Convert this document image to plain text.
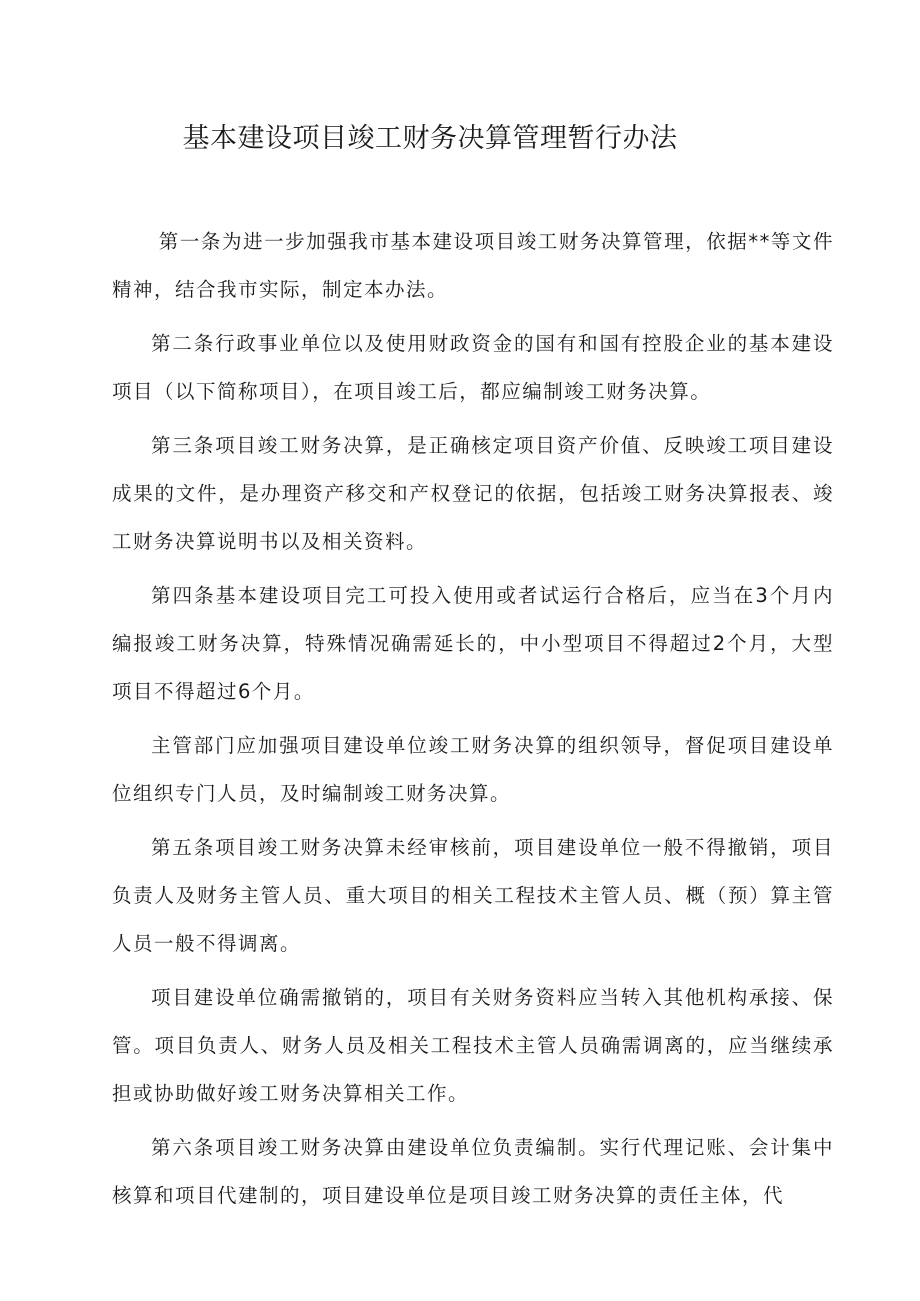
基本建设项目竣工财务决算管理暂行办法

第一条为进一步加强我市基本建设项目竣工财务决算管理，依据**等文件精神，结合我市实际，制定本办法。

第二条行政事业单位以及使用财政资金的国有和国有控股企业的基本建设项目（以下简称项目），在项目竣工后，都应编制竣工财务决算。

第三条项目竣工财务决算，是正确核定项目资产价值、反映竣工项目建设成果的文件，是办理资产移交和产权登记的依据，包括竣工财务决算报表、竣工财务决算说明书以及相关资料。

第四条基本建设项目完工可投入使用或者试运行合格后，应当在3个月内编报竣工财务决算，特殊情况确需延长的，中小型项目不得超过2个月，大型项目不得超过6个月。

主管部门应加强项目建设单位竣工财务决算的组织领导，督促项目建设单位组织专门人员，及时编制竣工财务决算。

第五条项目竣工财务决算未经审核前，项目建设单位一般不得撤销，项目负责人及财务主管人员、重大项目的相关工程技术主管人员、概（预）算主管人员一般不得调离。

项目建设单位确需撤销的，项目有关财务资料应当转入其他机构承接、保管。项目负责人、财务人员及相关工程技术主管人员确需调离的，应当继续承担或协助做好竣工财务决算相关工作。

第六条项目竣工财务决算由建设单位负责编制。实行代理记账、会计集中核算和项目代建制的，项目建设单位是项目竣工财务决算的责任主体，代
